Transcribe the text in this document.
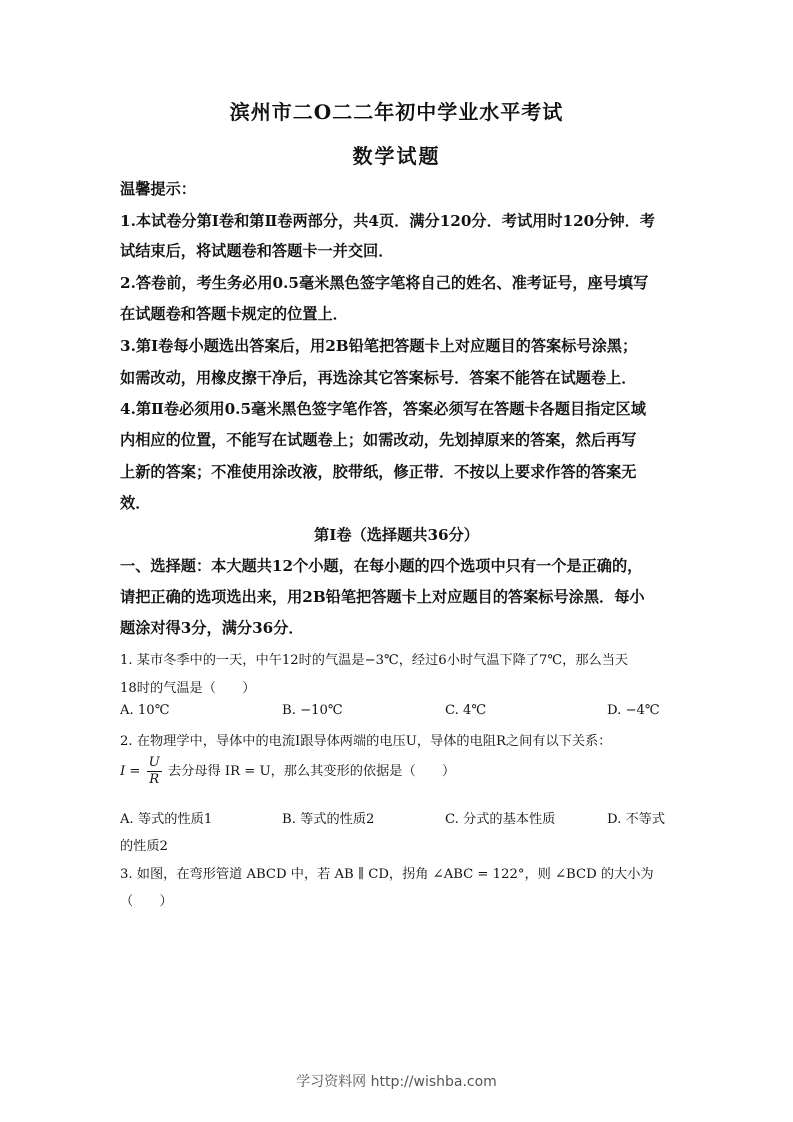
滨州市二O二二年初中学业水平考试
数学试题
温馨提示：
1.本试卷分第Ⅰ卷和第Ⅱ卷两部分，共4页．满分120分．考试用时120分钟．考
试结束后，将试题卷和答题卡一并交回．
2.答卷前，考生务必用0.5毫米黑色签字笔将自己的姓名、准考证号，座号填写
在试题卷和答题卡规定的位置上．
3.第Ⅰ卷每小题选出答案后，用2B铅笔把答题卡上对应题目的答案标号涂黑；
如需改动，用橡皮擦干净后，再选涂其它答案标号．答案不能答在试题卷上．
4.第Ⅱ卷必须用0.5毫米黑色签字笔作答，答案必须写在答题卡各题目指定区域
内相应的位置，不能写在试题卷上；如需改动，先划掉原来的答案，然后再写
上新的答案；不准使用涂改液，胶带纸，修正带．不按以上要求作答的答案无
效．
第Ⅰ卷（选择题共36分）
一、选择题：本大题共12个小题，在每小题的四个选项中只有一个是正确的，
请把正确的选项选出来，用2B铅笔把答题卡上对应题目的答案标号涂黑．每小
题涂对得3分，满分36分．
1. 某市冬季中的一天，中午12时的气温是−3℃，经过6小时气温下降了7℃，那么当天
18时的气温是（　　）
A. 10℃	B. −10℃	C. 4℃	D. −4℃
2. 在物理学中，导体中的电流Ⅰ跟导体两端的电压U，导体的电阻R之间有以下关系：
$I = \frac{U}{R}$ 去分母得 IR = U，那么其变形的依据是（　　）
A. 等式的性质1	B. 等式的性质2	C. 分式的基本性质	D. 不等式
的性质2
3. 如图，在弯形管道 ABCD 中，若 AB ∥ CD，拐角 ∠ABC = 122°，则 ∠BCD 的大小为
（　　）
学习资料网 http://wishba.com
